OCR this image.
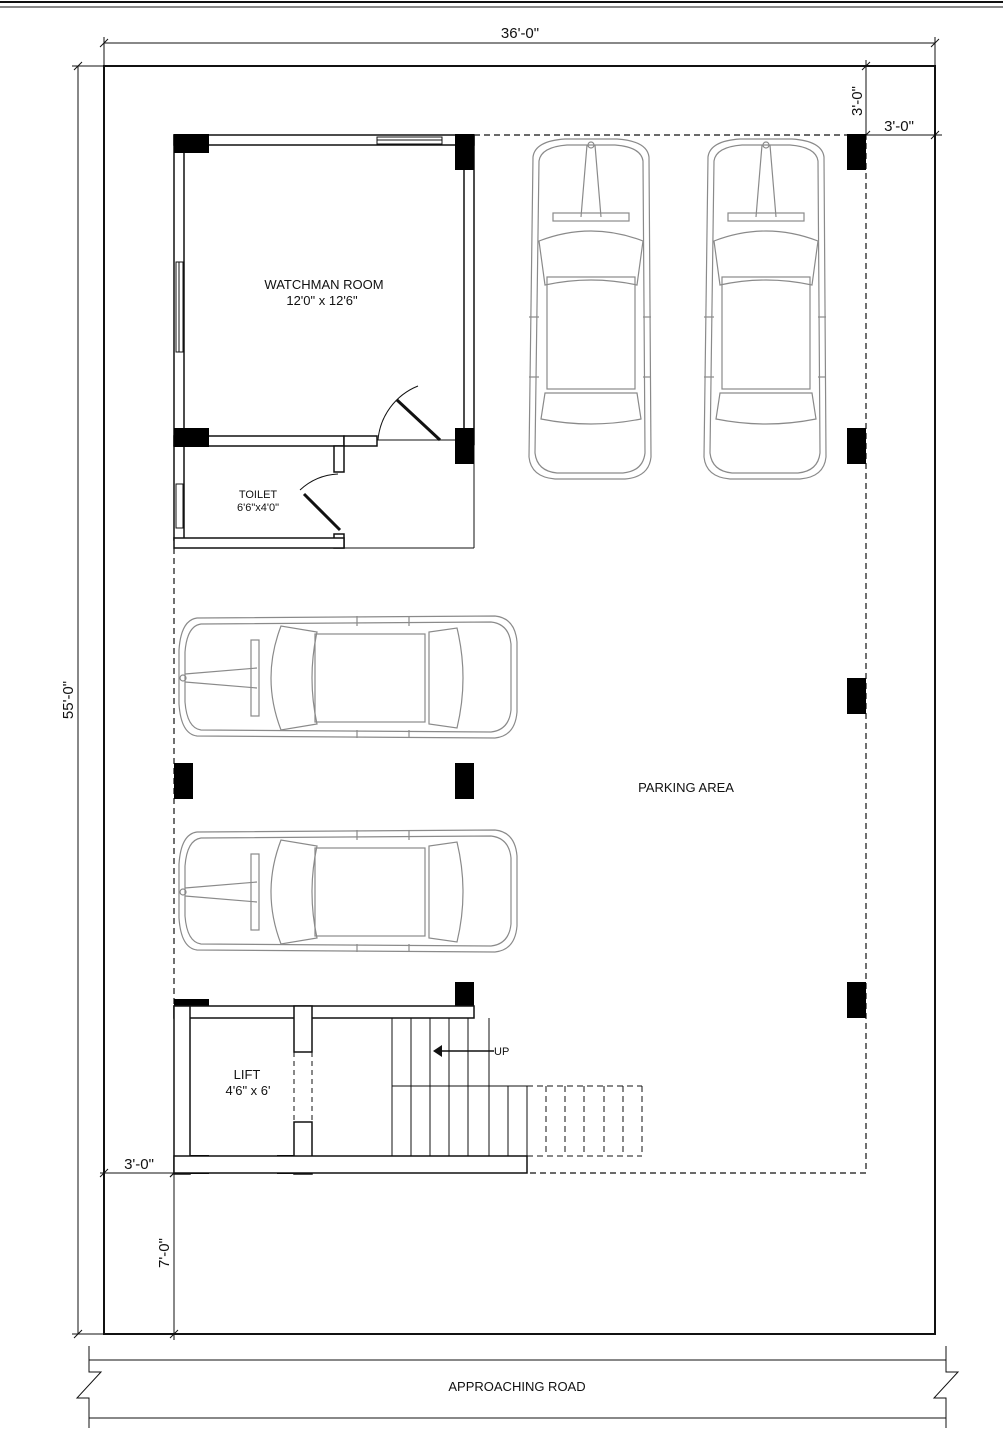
36'-0"
55'-0"
3'-0"
3'-0"
3'-0"
7'-0"
WATCHMAN ROOM
12'0" x 12'6"
TOILET
6'6"x4'0"
PARKING AREA
LIFT
4'6" x 6'
UP
APPROACHING ROAD
